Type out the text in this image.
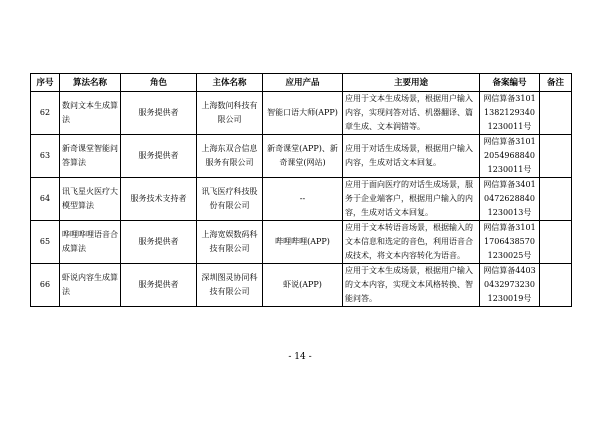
序号	算法名称	角色	主体名称	应用产品	主要用途	备案编号	备注
62	数问文本生成算法	服务提供者	上海数问科技有限公司	智能口语大师(APP)	应用于文本生成场景，根据用户输入内容，实现问答对话、机器翻译、篇章生成、文本润错等。	网信算备310113821293401230011号	
63	新奇课堂智能问答算法	服务提供者	上海东双合信息服务有限公司	新奇课堂(APP)、新奇课堂(网站)	应用于对话生成场景，根据用户输入内容，生成对话文本回复。	网信算备310120549688401230011号	
64	讯飞星火医疗大模型算法	服务技术支持者	讯飞医疗科技股份有限公司	--	应用于面向医疗的对话生成场景，服务于企业端客户，根据用户输入的内容，生成对话文本回复。	网信算备340104726288401230013号	
65	哗哩哗哩语音合成算法	服务提供者	上海宽娱数码科技有限公司	哔哩哔哩(APP)	应用于文本转语音场景，根据输入的文本信息和选定的音色，利用语音合成技术，将文本内容转化为语音。	网信算备310117064385701230025号	
66	虾说内容生成算法	服务提供者	深圳图灵协同科技有限公司	虾说(APP)	应用于文本生成场景，根据用户输入的文本内容，实现文本风格转换、智能问答。	网信算备440304329732301230019号	
- 14 -
